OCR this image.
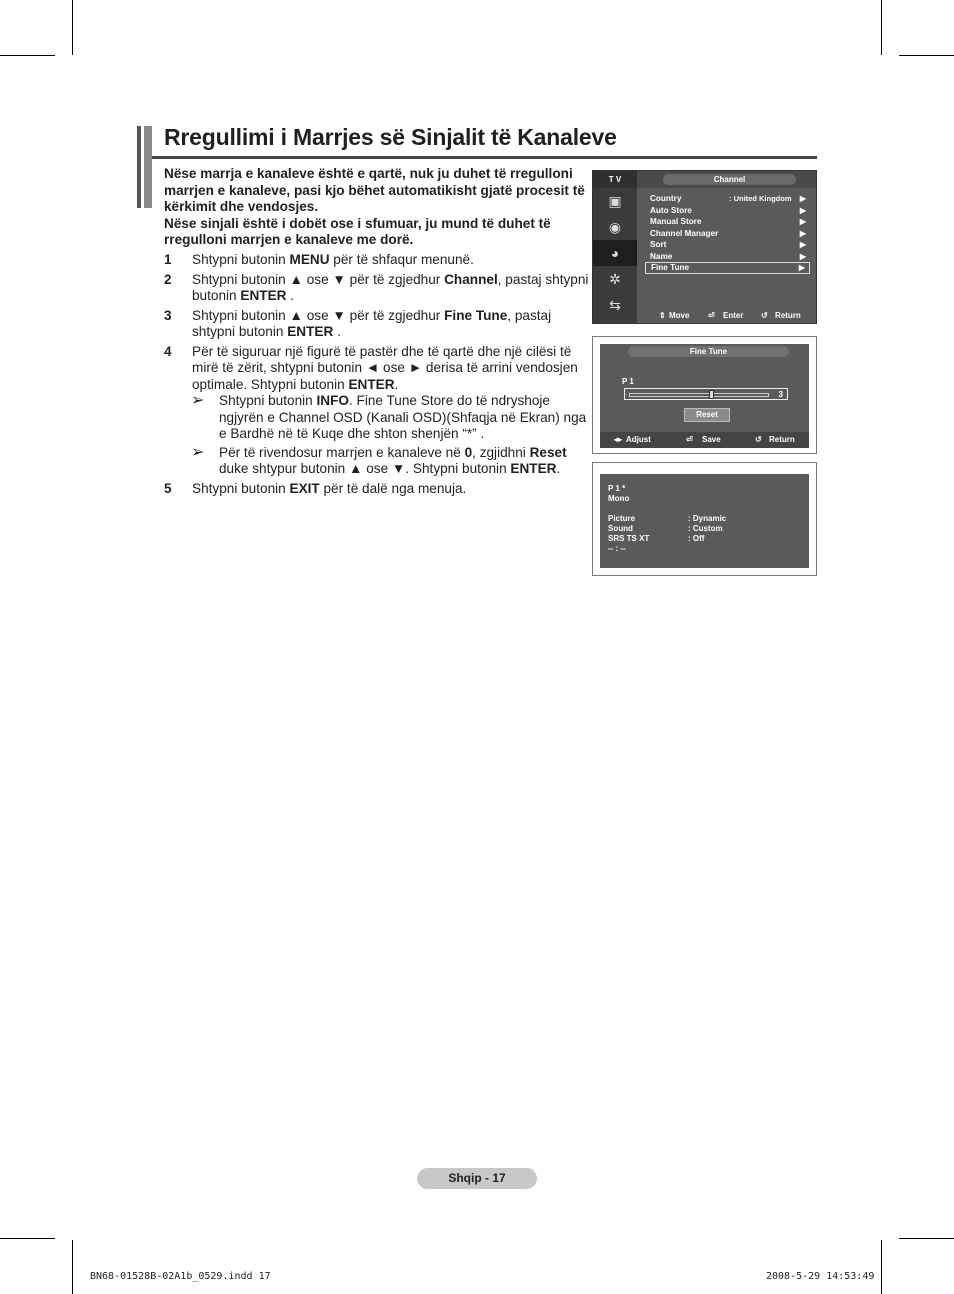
Rregullimi i Marrjes së Sinjalit të Kanaleve
Nëse marrja e kanaleve është e qartë, nuk ju duhet të rregulloni marrjen e kanaleve, pasi kjo bëhet automatikisht gjatë procesit të kërkimit dhe vendosjes.
Nëse sinjali është i dobët ose i sfumuar, ju mund të duhet të rregulloni marrjen e kanaleve me dorë.
1 Shtypni butonin MENU për të shfaqur menunë.
2 Shtypni butonin ▲ ose ▼ për të zgjedhur Channel, pastaj shtypni butonin ENTER .
3 Shtypni butonin ▲ ose ▼ për të zgjedhur Fine Tune, pastaj shtypni butonin ENTER .
4 Për të siguruar një figurë të pastër dhe të qartë dhe një cilësi të mirë të zërit, shtypni butonin ◄ ose ► derisa të arrini vendosjen optimale. Shtypni butonin ENTER.
➢ Shtypni butonin INFO. Fine Tune Store do të ndryshoje ngjyrën e Channel OSD (Kanali OSD)(Shfaqja në Ekran) nga e Bardhë në të Kuqe dhe shton shenjën “*” .
➢ Për të rivendosur marrjen e kanaleve në 0, zgjidhni Reset duke shtypur butonin ▲ ose ▼. Shtypni butonin ENTER.
5 Shtypni butonin EXIT për të dalë nga menuja.
T V	Channel
▣
◉
◕
✲
⇆
Country	: United Kingdom ▶
Auto Store	▶
Manual Store	▶
Channel Manager	▶
Sort	▶
Name	▶
Fine Tune	▶
⇕ Move ⏎ Enter ↺ Return
Fine Tune
P 1
3
Reset
◂▸ Adjust	⏎ Save	↺ Return
P 1 *
Mono
Picture	: Dynamic
Sound	: Custom
SRS TS XT	: Off
-- : --
Shqip - 17
BN68-01528B-02A1b_0529.indd 17	2008-5-29 14:53:49
